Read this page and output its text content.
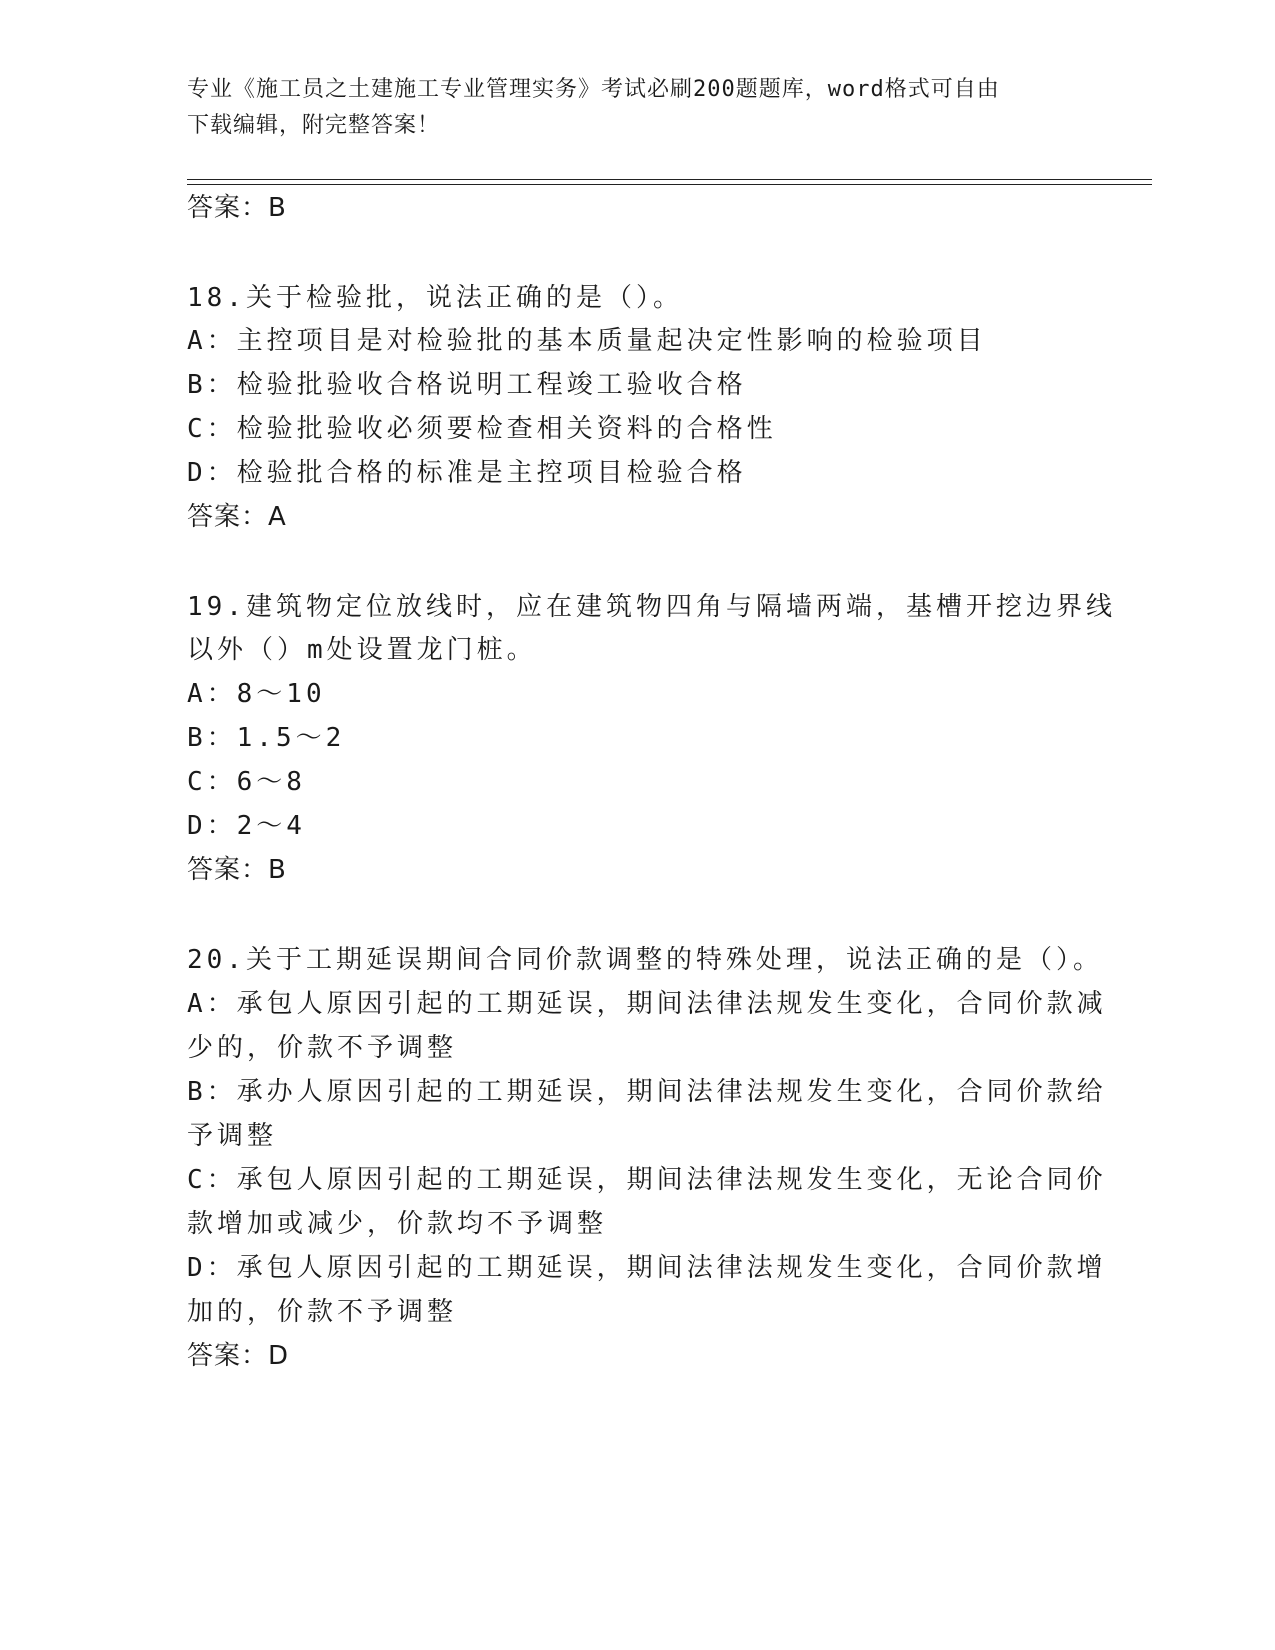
专业《施工员之土建施工专业管理实务》考试必刷200题题库，word格式可自由
下载编辑，附完整答案！
答案：B
18.关于检验批，说法正确的是（）。
A：主控项目是对检验批的基本质量起决定性影响的检验项目
B：检验批验收合格说明工程竣工验收合格
C：检验批验收必须要检查相关资料的合格性
D：检验批合格的标准是主控项目检验合格
答案：A
19.建筑物定位放线时，应在建筑物四角与隔墙两端，基槽开挖边界线
以外（）m处设置龙门桩。
A：8～10
B：1.5～2
C：6～8
D：2～4
答案：B
20.关于工期延误期间合同价款调整的特殊处理，说法正确的是（）。
A：承包人原因引起的工期延误，期间法律法规发生变化，合同价款减
少的，价款不予调整
B：承办人原因引起的工期延误，期间法律法规发生变化，合同价款给
予调整
C：承包人原因引起的工期延误，期间法律法规发生变化，无论合同价
款增加或减少，价款均不予调整
D：承包人原因引起的工期延误，期间法律法规发生变化，合同价款增
加的，价款不予调整
答案：D
